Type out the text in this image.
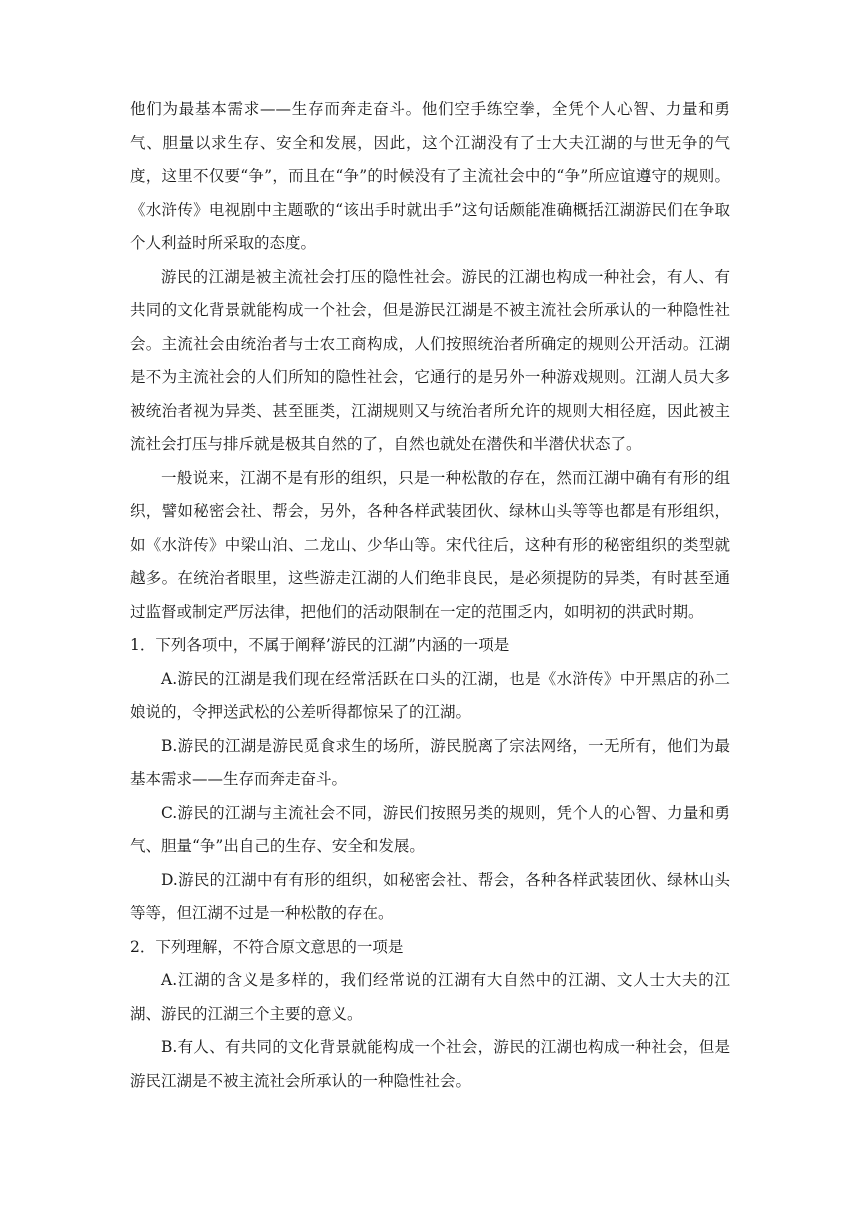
他们为最基本需求——生存而奔走奋斗。他们空手练空拳，全凭个人心智、力量和勇气、胆量以求生存、安全和发展，因此，这个江湖没有了士大夫江湖的与世无争的气度，这里不仅要“争”，而且在“争”的时候没有了主流社会中的“争”所应谊遵守的规则。《水浒传》电视剧中主题歌的“该出手时就出手”这句话颇能准确概括江湖游民们在争取个人利益时所采取的态度。

游民的江湖是被主流社会打压的隐性社会。游民的江湖也构成一种社会，有人、有共同的文化背景就能构成一个社会，但是游民江湖是不被主流社会所承认的一种隐性社会。主流社会由统治者与士农工商构成，人们按照统治者所确定的规则公开活动。江湖是不为主流社会的人们所知的隐性社会，它通行的是另外一种游戏规则。江湖人员大多被统治者视为异类、甚至匪类，江湖规则又与统治者所允许的规则大相径庭，因此被主流社会打压与排斥就是极其自然的了，自然也就处在潜佚和半潜伏状态了。

一般说来，江湖不是有形的组织，只是一种松散的存在，然而江湖中确有有形的组织，譬如秘密会社、帮会，另外，各种各样武装团伙、绿林山头等等也都是有形组织，如《水浒传》中梁山泊、二龙山、少华山等。宋代往后，这种有形的秘密组织的类型就越多。在统治者眼里，这些游走江湖的人们绝非良民，是必须提防的异类，有时甚至通过监督或制定严厉法律，把他们的活动限制在一定的范围乏内，如明初的洪武时期。

1．下列各项中，不属于阐释’游民的江湖”内涵的一项是

A.游民的江湖是我们现在经常活跃在口头的江湖，也是《水浒传》中开黑店的孙二娘说的，令押送武松的公差听得都惊呆了的江湖。

B.游民的江湖是游民觅食求生的场所，游民脱离了宗法网络，一无所有，他们为最基本需求——生存而奔走奋斗。

C.游民的江湖与主流社会不同，游民们按照另类的规则，凭个人的心智、力量和勇气、胆量“争”出自己的生存、安全和发展。

D.游民的江湖中有有形的组织，如秘密会社、帮会，各种各样武装团伙、绿林山头等等，但江湖不过是一种松散的存在。

2．下列理解，不符合原文意思的一项是

A.江湖的含义是多样的，我们经常说的江湖有大自然中的江湖、文人士大夫的江湖、游民的江湖三个主要的意义。

B.有人、有共同的文化背景就能构成一个社会，游民的江湖也构成一种社会，但是游民江湖是不被主流社会所承认的一种隐性社会。
